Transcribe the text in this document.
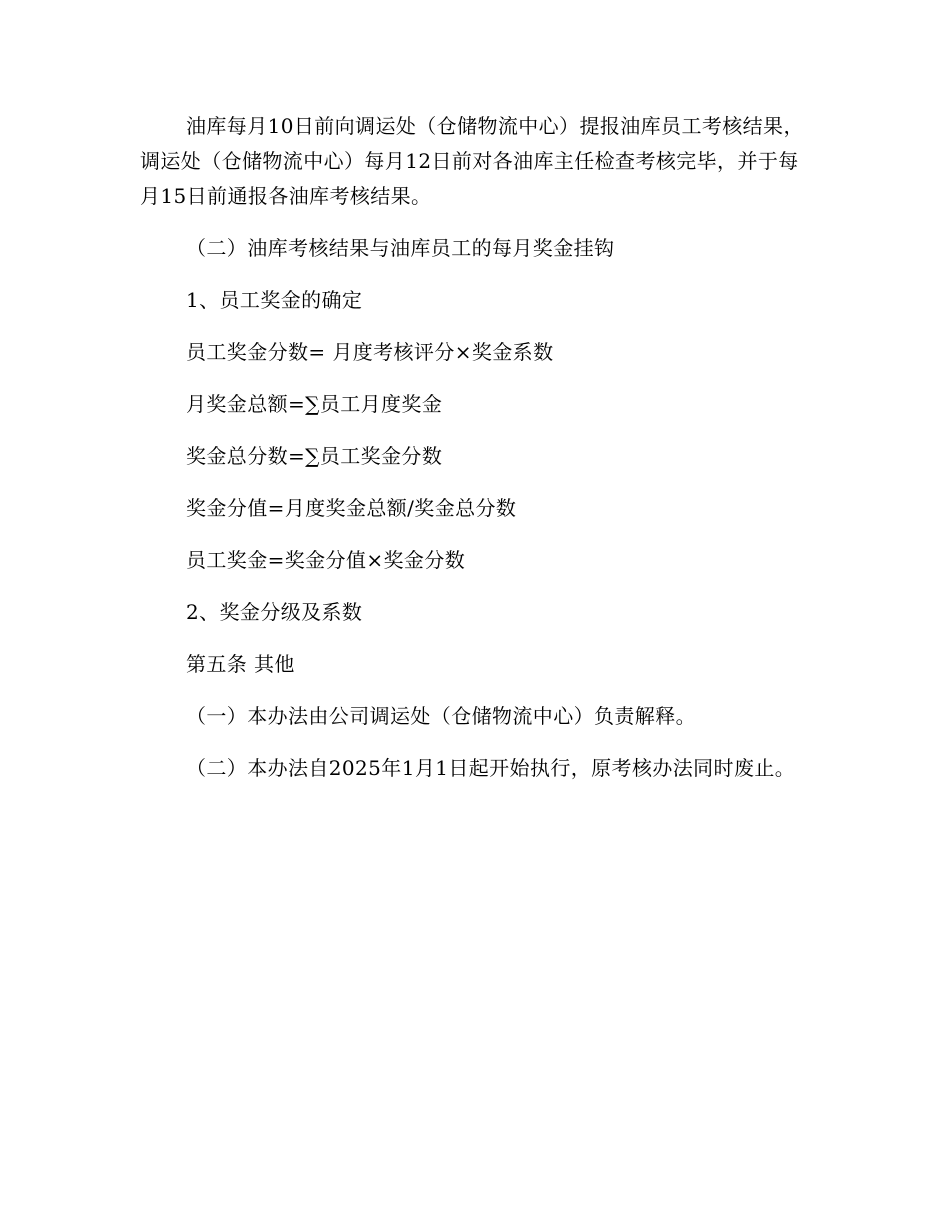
油库每月10日前向调运处（仓储物流中心）提报油库员工考核结果，调运处（仓储物流中心）每月12日前对各油库主任检查考核完毕，并于每月15日前通报各油库考核结果。

（二）油库考核结果与油库员工的每月奖金挂钩

1、员工奖金的确定

员工奖金分数= 月度考核评分×奖金系数

月奖金总额=∑员工月度奖金

奖金总分数=∑员工奖金分数

奖金分值=月度奖金总额/奖金总分数

员工奖金=奖金分值×奖金分数

2、奖金分级及系数

第五条 其他

（一）本办法由公司调运处（仓储物流中心）负责解释。

（二）本办法自2025年1月1日起开始执行，原考核办法同时废止。
